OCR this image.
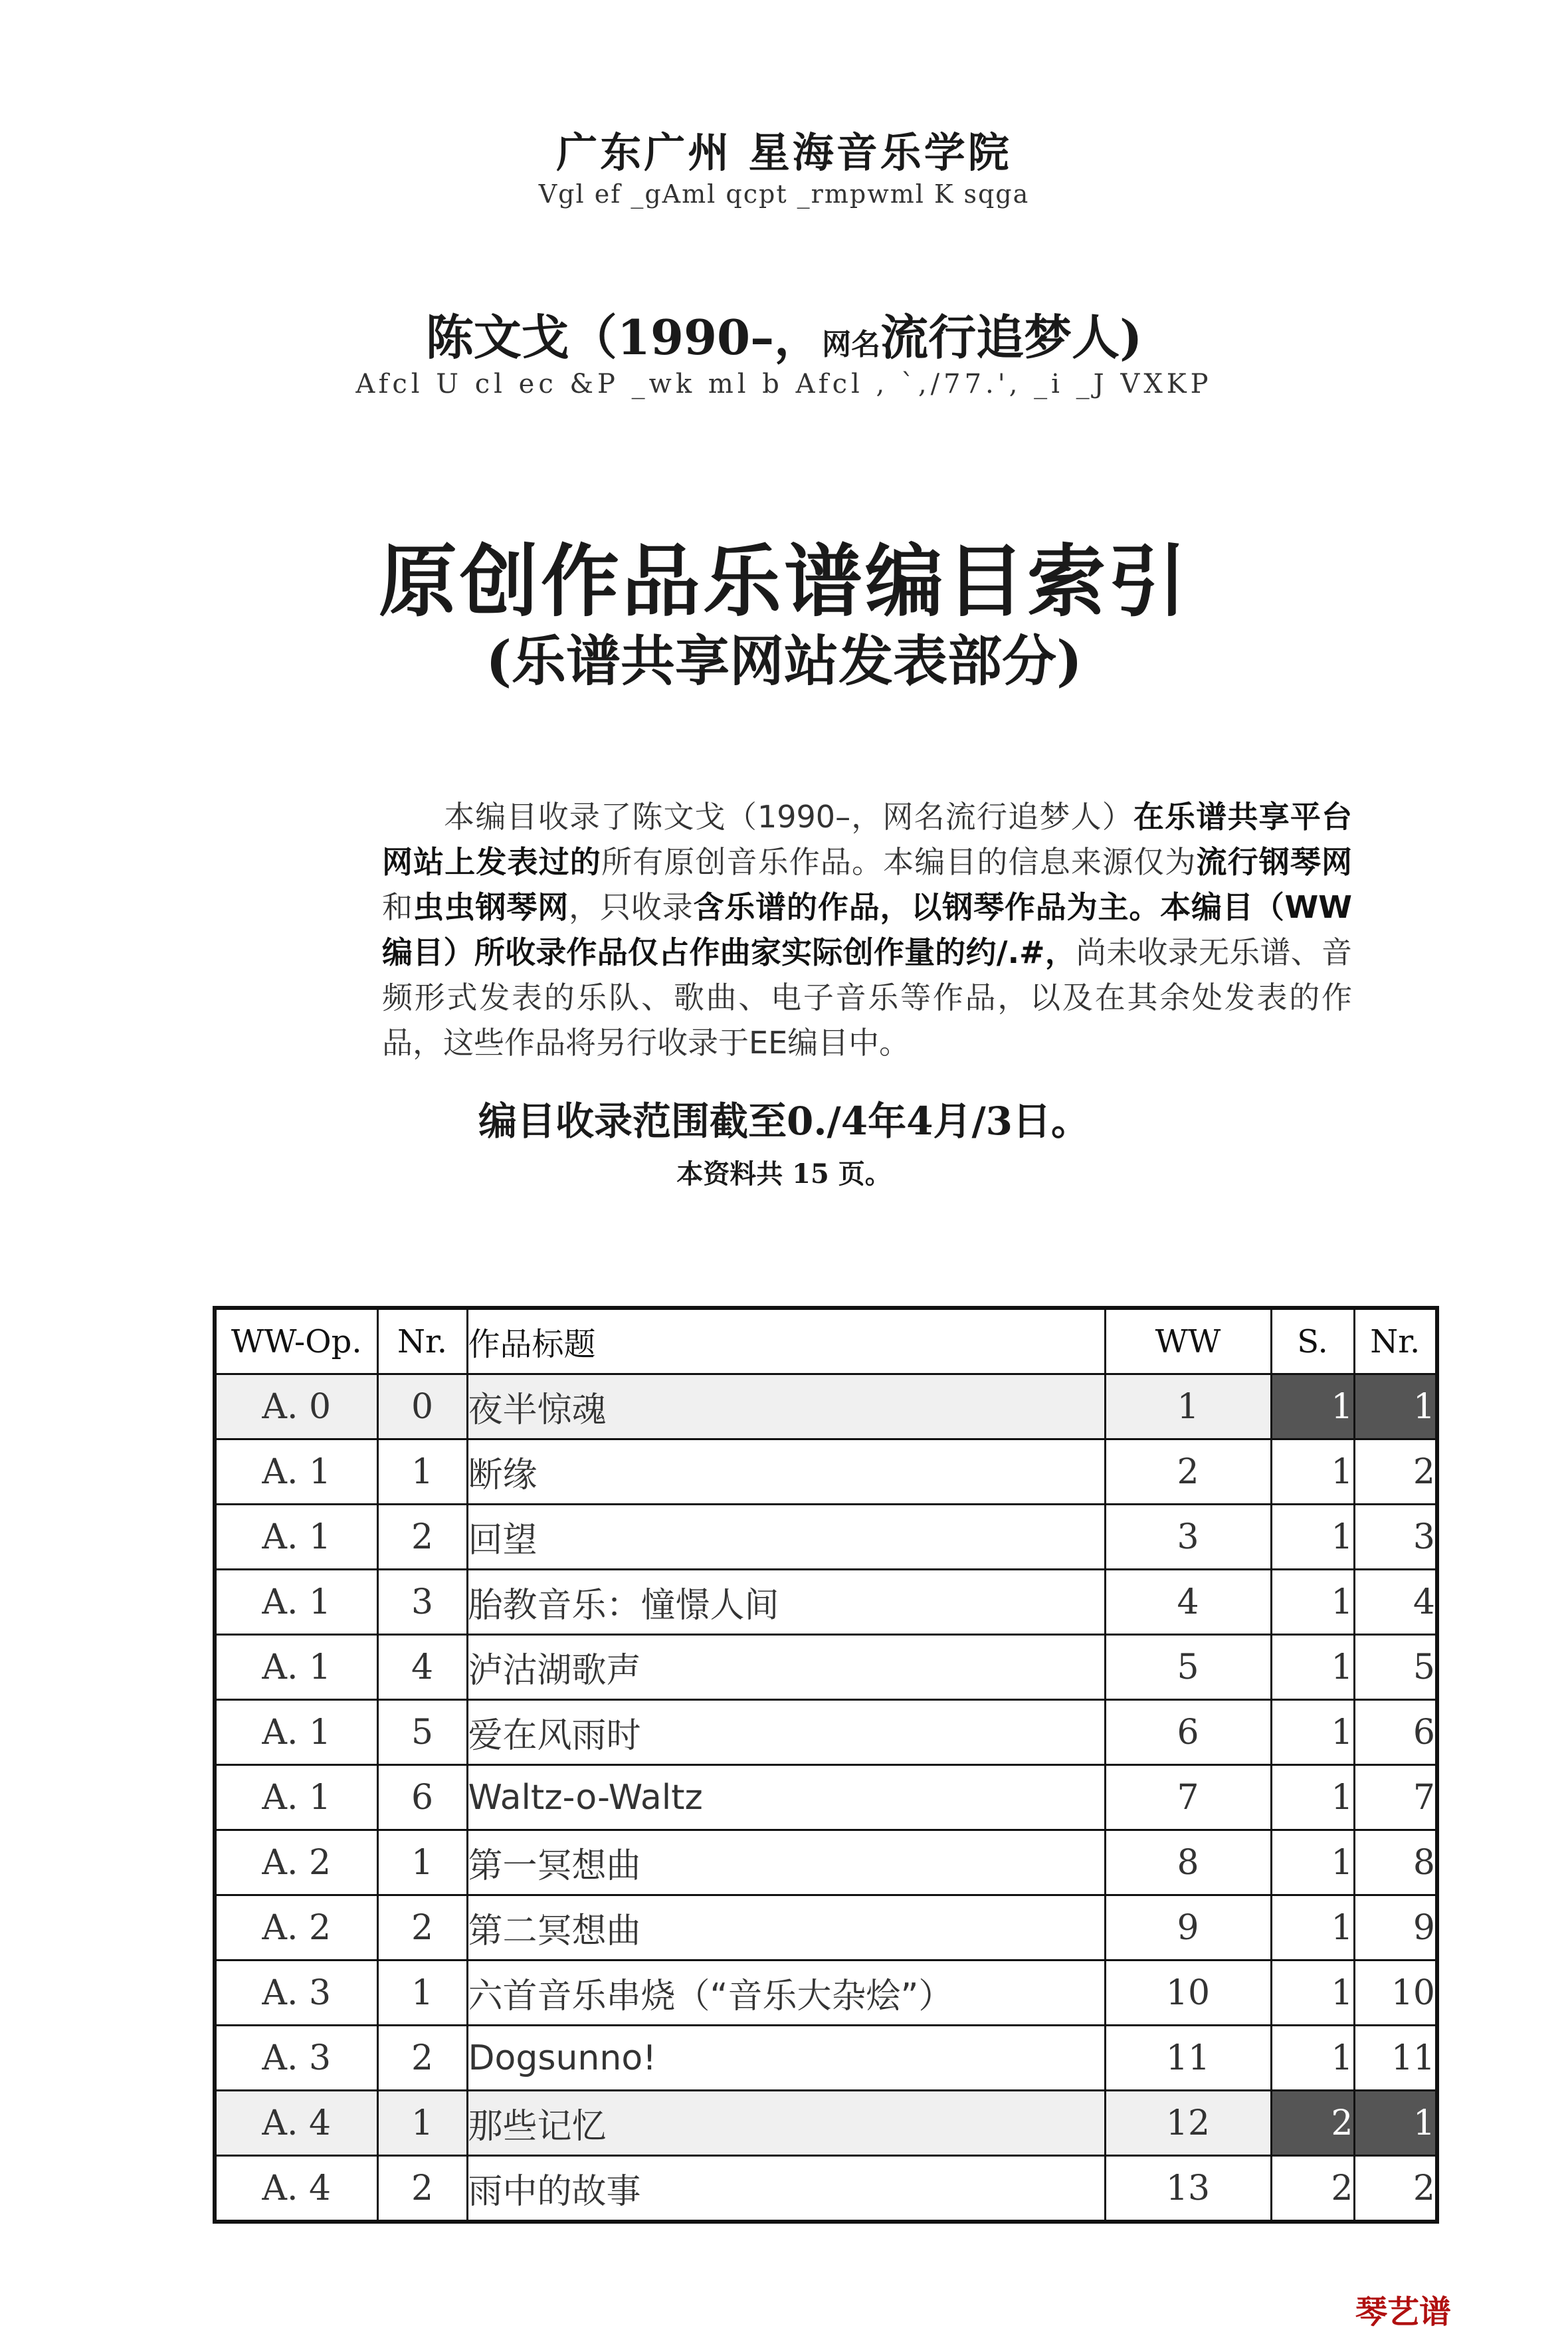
广东广州 星海音乐学院
Vgl ef _gAml qcpt _rmpwml K sqga
陈文戈（1990–，网名流行追梦人)
Afcl U cl ec &P _wk ml b Afcl , `,/77.', _i _J VXKP
原创作品乐谱编目索引
(乐谱共享网站发表部分)
本编目收录了陈文戈（1990–，网名流行追梦人）在乐谱共享平台网站上发表过的所有原创音乐作品。本编目的信息来源仅为流行钢琴网和虫虫钢琴网，只收录含乐谱的作品，以钢琴作品为主。本编目（WW编目）所收录作品仅占作曲家实际创作量的约/.#，尚未收录无乐谱、音频形式发表的乐队、歌曲、电子音乐等作品，以及在其余处发表的作品，这些作品将另行收录于EE编目中。
编目收录范围截至0./4年4月/3日。
本资料共 15 页。
WW-Op.	Nr.	作品标题	WW	S.	Nr.
A. 0	0	夜半惊魂	1	1	1
A. 1	1	断缘	2	1	2
A. 1	2	回望	3	1	3
A. 1	3	胎教音乐：憧憬人间	4	1	4
A. 1	4	泸沽湖歌声	5	1	5
A. 1	5	爱在风雨时	6	1	6
A. 1	6	Waltz-o-Waltz	7	1	7
A. 2	1	第一冥想曲	8	1	8
A. 2	2	第二冥想曲	9	1	9
A. 3	1	六首音乐串烧（“音乐大杂烩”）	10	1	10
A. 3	2	Dogsunno!	11	1	11
A. 4	1	那些记忆	12	2	1
A. 4	2	雨中的故事	13	2	2
琴艺谱
